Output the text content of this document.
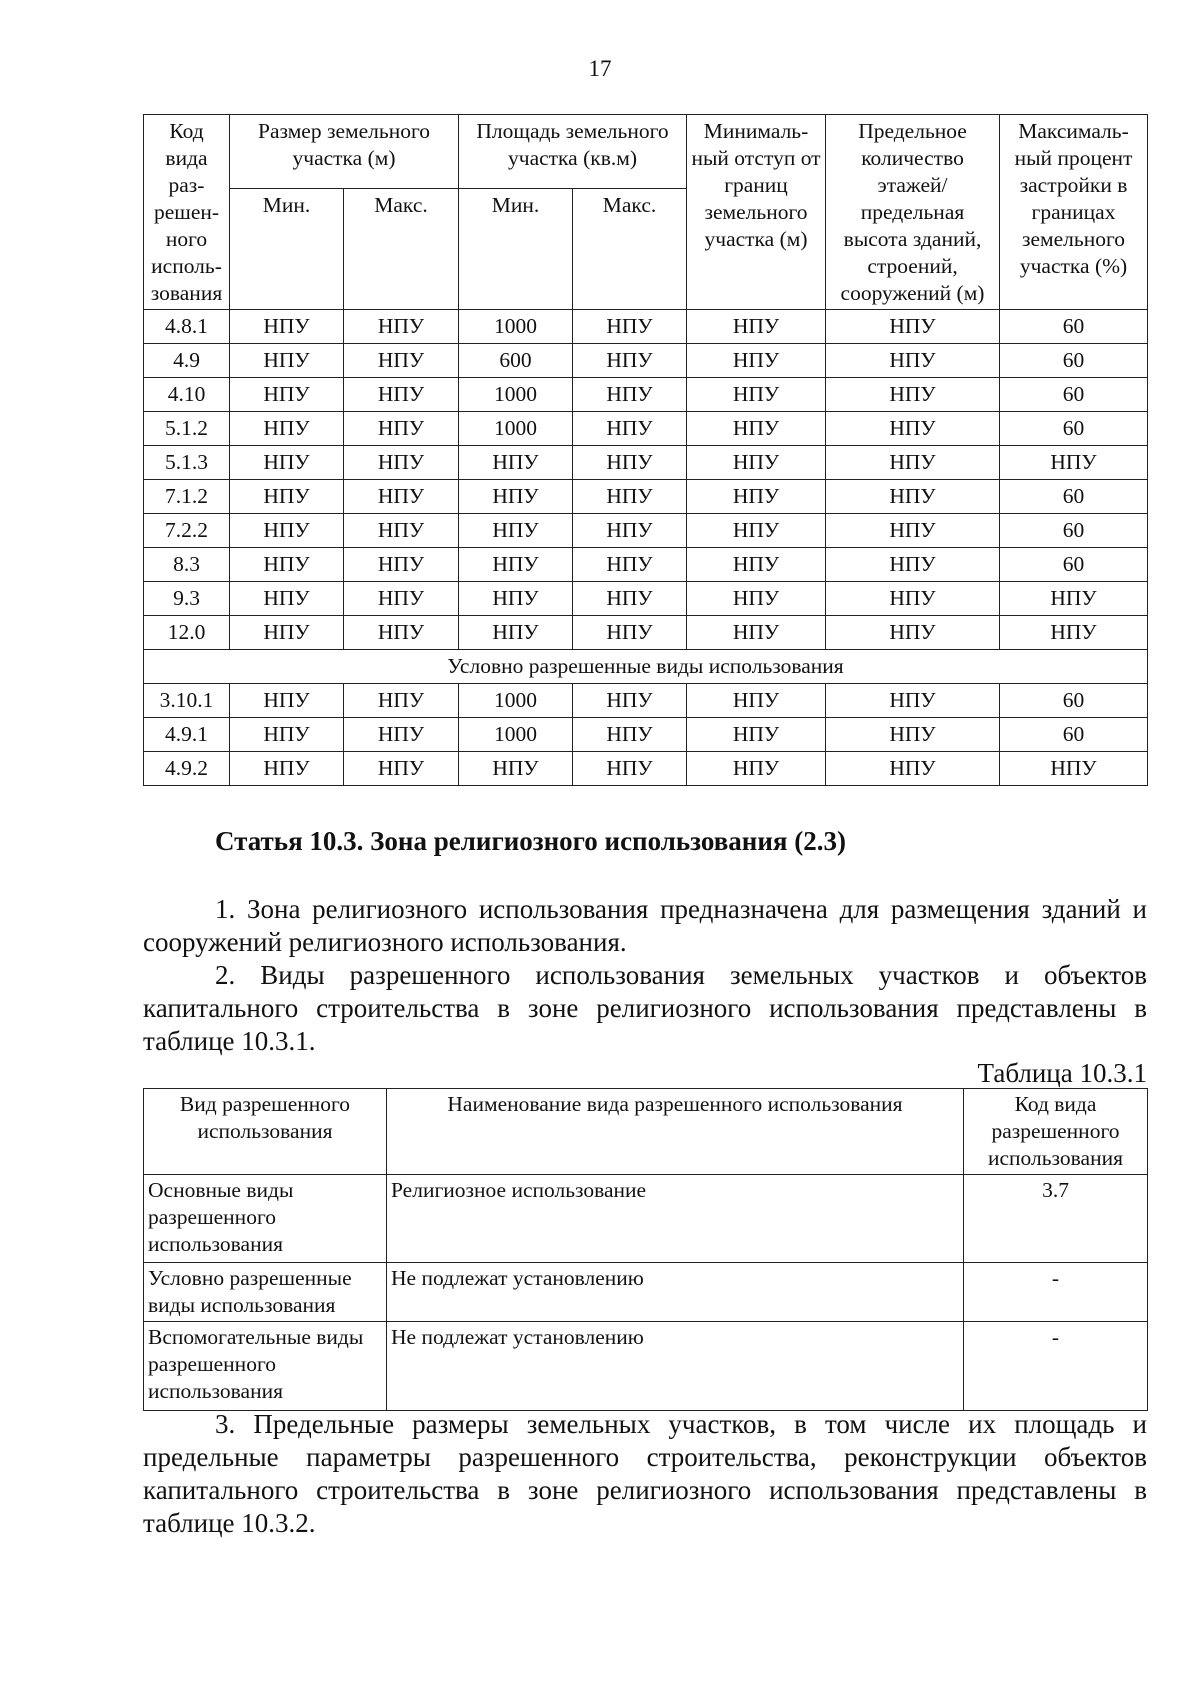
17
Код вида раз-решен-ного исполь-зования	Размер земельного участка (м)		Площадь земельного участка (кв.м)		Минималь-ный отступ от границ земельного участка (м)	Предельное количество этажей/ предельная высота зданий, строений, сооружений (м)	Максималь-ный процент застройки в границах земельного участка (%)
	Мин.	Макс.	Мин.	Макс.			
4.8.1	НПУ	НПУ	1000	НПУ	НПУ	НПУ	60
4.9	НПУ	НПУ	600	НПУ	НПУ	НПУ	60
4.10	НПУ	НПУ	1000	НПУ	НПУ	НПУ	60
5.1.2	НПУ	НПУ	1000	НПУ	НПУ	НПУ	60
5.1.3	НПУ	НПУ	НПУ	НПУ	НПУ	НПУ	НПУ
7.1.2	НПУ	НПУ	НПУ	НПУ	НПУ	НПУ	60
7.2.2	НПУ	НПУ	НПУ	НПУ	НПУ	НПУ	60
8.3	НПУ	НПУ	НПУ	НПУ	НПУ	НПУ	60
9.3	НПУ	НПУ	НПУ	НПУ	НПУ	НПУ	НПУ
12.0	НПУ	НПУ	НПУ	НПУ	НПУ	НПУ	НПУ
Условно разрешенные виды использования							
3.10.1	НПУ	НПУ	1000	НПУ	НПУ	НПУ	60
4.9.1	НПУ	НПУ	1000	НПУ	НПУ	НПУ	60
4.9.2	НПУ	НПУ	НПУ	НПУ	НПУ	НПУ	НПУ
Статья 10.3. Зона религиозного использования (2.3)
1. Зона религиозного использования предназначена для размещения зданий и сооружений религиозного использования.
2. Виды разрешенного использования земельных участков и объектов капитального строительства в зоне религиозного использования представлены в таблице 10.3.1.
Таблица 10.3.1
Вид разрешенного использования	Наименование вида разрешенного использования	Код вида разрешенного использования
Основные виды разрешенного использования	Религиозное использование	3.7
Условно разрешенные виды использования	Не подлежат установлению	-
Вспомогательные виды разрешенного использования	Не подлежат установлению	-
3. Предельные размеры земельных участков, в том числе их площадь и предельные параметры разрешенного строительства, реконструкции объектов капитального строительства в зоне религиозного использования представлены в таблице 10.3.2.
